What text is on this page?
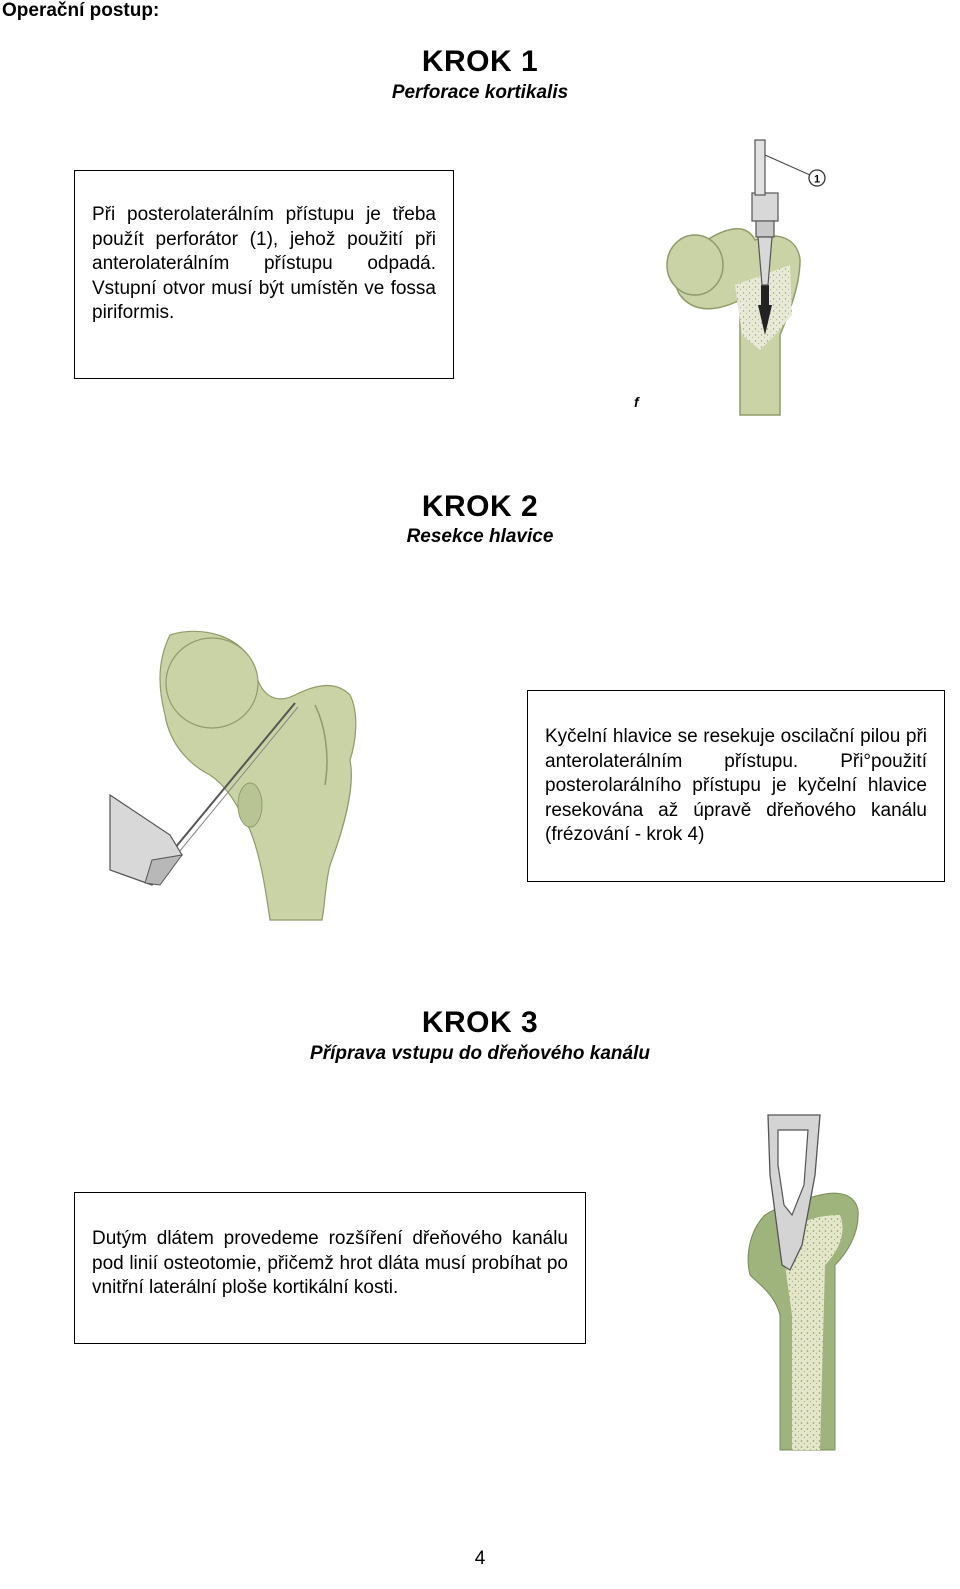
Operační postup:
KROK 1
Perforace kortikalis

Při posterolaterálním přístupu je třeba použít perforátor (1), jehož použití při anterolaterálním přístupu odpadá. Vstupní otvor musí být umístěn ve fossa piriformis.

1
f
KROK 2
Resekce hlavice

Kyčelní hlavice se resekuje oscilační pilou při anterolaterálním přístupu. Při°použití posterolarálního přístupu je kyčelní hlavice resekována až úpravě dřeňového kanálu (frézování - krok 4)

KROK 3
Příprava vstupu do dřeňového kanálu

Dutým dlátem provedeme rozšíření dřeňového kanálu pod linií osteotomie, přičemž hrot dláta musí probíhat po vnitřní laterální ploše kortikální kosti.

4
